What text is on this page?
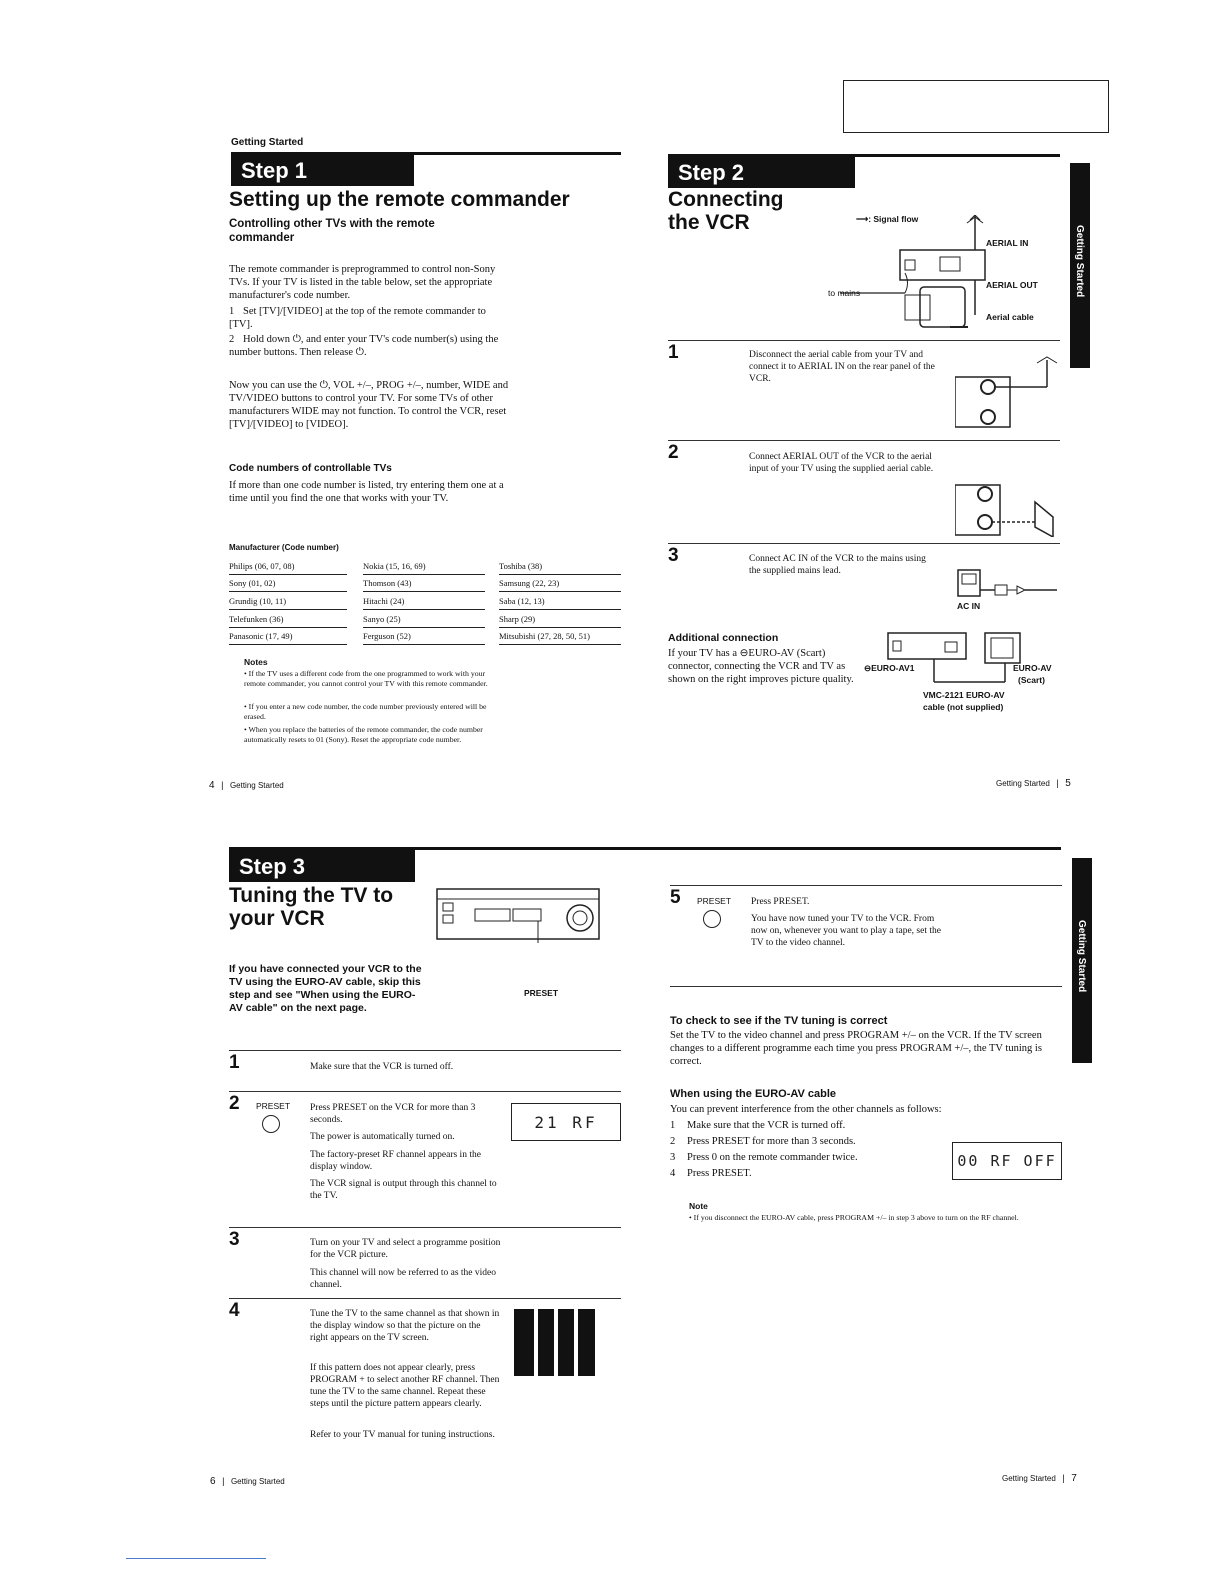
Getting Started
Step 1
Setting up the remote commander
Controlling other TVs with the remote commander
The remote commander is preprogrammed to control non-Sony TVs. If your TV is listed in the table below, set the appropriate manufacturer's code number.
1 Set [TV]/[VIDEO] at the top of the remote commander to [TV].
2 Hold down ⏻, and enter your TV's code number(s) using the number buttons. Then release ⏻.
Now you can use the ⏻, VOL +/–, PROG +/–, number, WIDE and TV/VIDEO buttons to control your TV. For some TVs of other manufacturers WIDE may not function. To control the VCR, reset [TV]/[VIDEO] to [VIDEO].
Code numbers of controllable TVs
If more than one code number is listed, try entering them one at a time until you find the one that works with your TV.
Manufacturer (Code number)
Philips (06, 07, 08)	Nokia (15, 16, 69)	Toshiba (38)
Sony (01, 02)	Thomson (43)	Samsung (22, 23)
Grundig (10, 11)	Hitachi (24)	Saba (12, 13)
Telefunken (36)	Sanyo (25)	Sharp (29)
Panasonic (17, 49)	Ferguson (52)	Mitsubishi (27, 28, 50, 51)
Notes
• If the TV uses a different code from the one programmed to work with your remote commander, you cannot control your TV with this remote commander.
• If you enter a new code number, the code number previously entered will be erased.
• When you replace the batteries of the remote commander, the code number automatically resets to 01 (Sony). Reset the appropriate code number.
4 | Getting Started
Step 2
Connecting the VCR
Getting Started
⟶: Signal flow
AERIAL IN
AERIAL OUT
Aerial cable
to mains
1	Disconnect the aerial cable from your TV and connect it to AERIAL IN on the rear panel of the VCR.
2	Connect AERIAL OUT of the VCR to the aerial input of your TV using the supplied aerial cable.
3	Connect AC IN of the VCR to the mains using the supplied mains lead.
AC IN
Additional connection
If your TV has a ⊖EURO-AV (Scart) connector, connecting the VCR and TV as shown on the right improves picture quality.
⊖EURO-AV1	EURO-AV
(Scart)
VMC-2121 EURO-AV
cable (not supplied)
Getting Started | 5
Step 3
Tuning the TV to your VCR
PRESET
If you have connected your VCR to the TV using the EURO-AV cable, skip this step and see "When using the EURO-AV cable" on the next page.
1	Make sure that the VCR is turned off.
2 PRESET Press PRESET on the VCR for more than 3 seconds.
The power is automatically turned on.
The factory-preset RF channel appears in the display window.
The VCR signal is output through this channel to the TV.
21 RF
3	Turn on your TV and select a programme position for the VCR picture.
This channel will now be referred to as the video channel.
4	Tune the TV to the same channel as that shown in the display window so that the picture on the right appears on the TV screen.
If this pattern does not appear clearly, press PROGRAM + to select another RF channel. Then tune the TV to the same channel. Repeat these steps until the picture pattern appears clearly.
Refer to your TV manual for tuning instructions.
6 | Getting Started
Getting Started
5 PRESET Press PRESET.
You have now tuned your TV to the VCR. From now on, whenever you want to play a tape, set the TV to the video channel.
To check to see if the TV tuning is correct
Set the TV to the video channel and press PROGRAM +/– on the VCR. If the TV screen changes to a different programme each time you press PROGRAM +/–, the TV tuning is correct.
When using the EURO-AV cable
You can prevent interference from the other channels as follows:
1 Make sure that the VCR is turned off.
2 Press PRESET for more than 3 seconds.
3 Press 0 on the remote commander twice.
4 Press PRESET.
00 RF OFF
Note
• If you disconnect the EURO-AV cable, press PROGRAM +/– in step 3 above to turn on the RF channel.
Getting Started | 7
